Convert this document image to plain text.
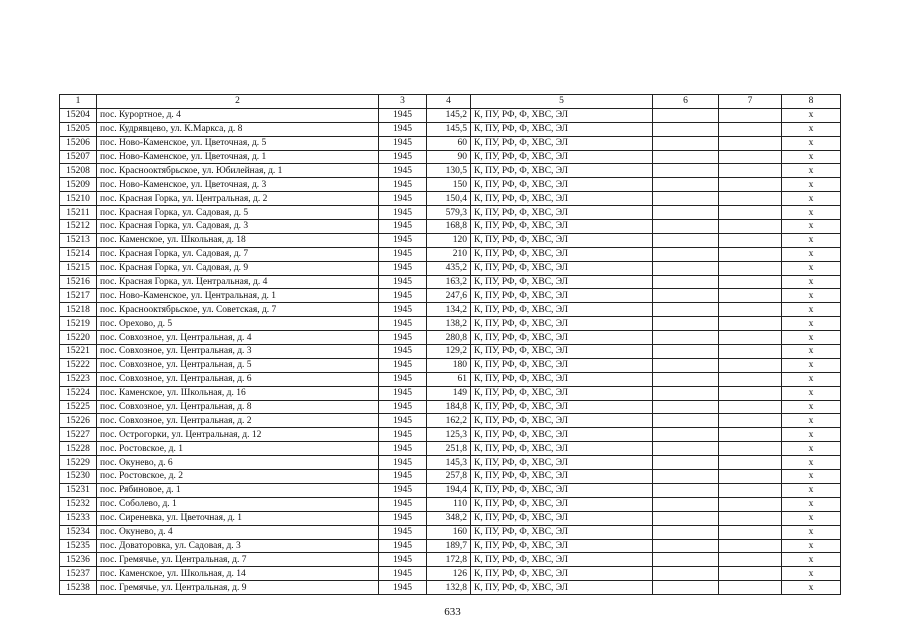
1	2	3	4	5	6	7	8
15204	пос. Курортное, д. 4	1945	145,2	К, ПУ, РФ, Ф, ХВС, ЭЛ			х
15205	пос. Кудрявцево, ул. К.Маркса, д. 8	1945	145,5	К, ПУ, РФ, Ф, ХВС, ЭЛ			х
15206	пос. Ново-Каменское, ул. Цветочная, д. 5	1945	60	К, ПУ, РФ, Ф, ХВС, ЭЛ			х
15207	пос. Ново-Каменское, ул. Цветочная, д. 1	1945	90	К, ПУ, РФ, Ф, ХВС, ЭЛ			х
15208	пос. Краснооктябрьское, ул. Юбилейная, д. 1	1945	130,5	К, ПУ, РФ, Ф, ХВС, ЭЛ			х
15209	пос. Ново-Каменское, ул. Цветочная, д. 3	1945	150	К, ПУ, РФ, Ф, ХВС, ЭЛ			х
15210	пос. Красная Горка, ул. Центральная, д. 2	1945	150,4	К, ПУ, РФ, Ф, ХВС, ЭЛ			х
15211	пос. Красная Горка, ул. Садовая, д. 5	1945	579,3	К, ПУ, РФ, Ф, ХВС, ЭЛ			х
15212	пос. Красная Горка, ул. Садовая, д. 3	1945	168,8	К, ПУ, РФ, Ф, ХВС, ЭЛ			х
15213	пос. Каменское, ул. Школьная, д. 18	1945	120	К, ПУ, РФ, Ф, ХВС, ЭЛ			х
15214	пос. Красная Горка, ул. Садовая, д. 7	1945	210	К, ПУ, РФ, Ф, ХВС, ЭЛ			х
15215	пос. Красная Горка, ул. Садовая, д. 9	1945	435,2	К, ПУ, РФ, Ф, ХВС, ЭЛ			х
15216	пос. Красная Горка, ул. Центральная, д. 4	1945	163,2	К, ПУ, РФ, Ф, ХВС, ЭЛ			х
15217	пос. Ново-Каменское, ул. Центральная, д. 1	1945	247,6	К, ПУ, РФ, Ф, ХВС, ЭЛ			х
15218	пос. Краснооктябрьское, ул. Советская, д. 7	1945	134,2	К, ПУ, РФ, Ф, ХВС, ЭЛ			х
15219	пос. Орехово, д. 5	1945	138,2	К, ПУ, РФ, Ф, ХВС, ЭЛ			х
15220	пос. Совхозное, ул. Центральная, д. 4	1945	280,8	К, ПУ, РФ, Ф, ХВС, ЭЛ			х
15221	пос. Совхозное, ул. Центральная, д. 3	1945	129,2	К, ПУ, РФ, Ф, ХВС, ЭЛ			х
15222	пос. Совхозное, ул. Центральная, д. 5	1945	180	К, ПУ, РФ, Ф, ХВС, ЭЛ			х
15223	пос. Совхозное, ул. Центральная, д. 6	1945	61	К, ПУ, РФ, Ф, ХВС, ЭЛ			х
15224	пос. Каменское, ул. Школьная, д. 16	1945	149	К, ПУ, РФ, Ф, ХВС, ЭЛ			х
15225	пос. Совхозное, ул. Центральная, д. 8	1945	184,8	К, ПУ, РФ, Ф, ХВС, ЭЛ			х
15226	пос. Совхозное, ул. Центральная, д. 2	1945	162,2	К, ПУ, РФ, Ф, ХВС, ЭЛ			х
15227	пос. Острогорки, ул. Центральная, д. 12	1945	125,3	К, ПУ, РФ, Ф, ХВС, ЭЛ			х
15228	пос. Ростовское, д. 1	1945	251,8	К, ПУ, РФ, Ф, ХВС, ЭЛ			х
15229	пос. Окунево, д. 6	1945	145,3	К, ПУ, РФ, Ф, ХВС, ЭЛ			х
15230	пос. Ростовское, д. 2	1945	257,8	К, ПУ, РФ, Ф, ХВС, ЭЛ			х
15231	пос. Рябиновое, д. 1	1945	194,4	К, ПУ, РФ, Ф, ХВС, ЭЛ			х
15232	пос. Соболево, д. 1	1945	110	К, ПУ, РФ, Ф, ХВС, ЭЛ			х
15233	пос. Сиреневка, ул. Цветочная, д. 1	1945	348,2	К, ПУ, РФ, Ф, ХВС, ЭЛ			х
15234	пос. Окунево, д. 4	1945	160	К, ПУ, РФ, Ф, ХВС, ЭЛ			х
15235	пос. Доваторовка, ул. Садовая, д. 3	1945	189,7	К, ПУ, РФ, Ф, ХВС, ЭЛ			х
15236	пос. Гремячье, ул. Центральная, д. 7	1945	172,8	К, ПУ, РФ, Ф, ХВС, ЭЛ			х
15237	пос. Каменское, ул. Школьная, д. 14	1945	126	К, ПУ, РФ, Ф, ХВС, ЭЛ			х
15238	пос. Гремячье, ул. Центральная, д. 9	1945	132,8	К, ПУ, РФ, Ф, ХВС, ЭЛ			х
633
